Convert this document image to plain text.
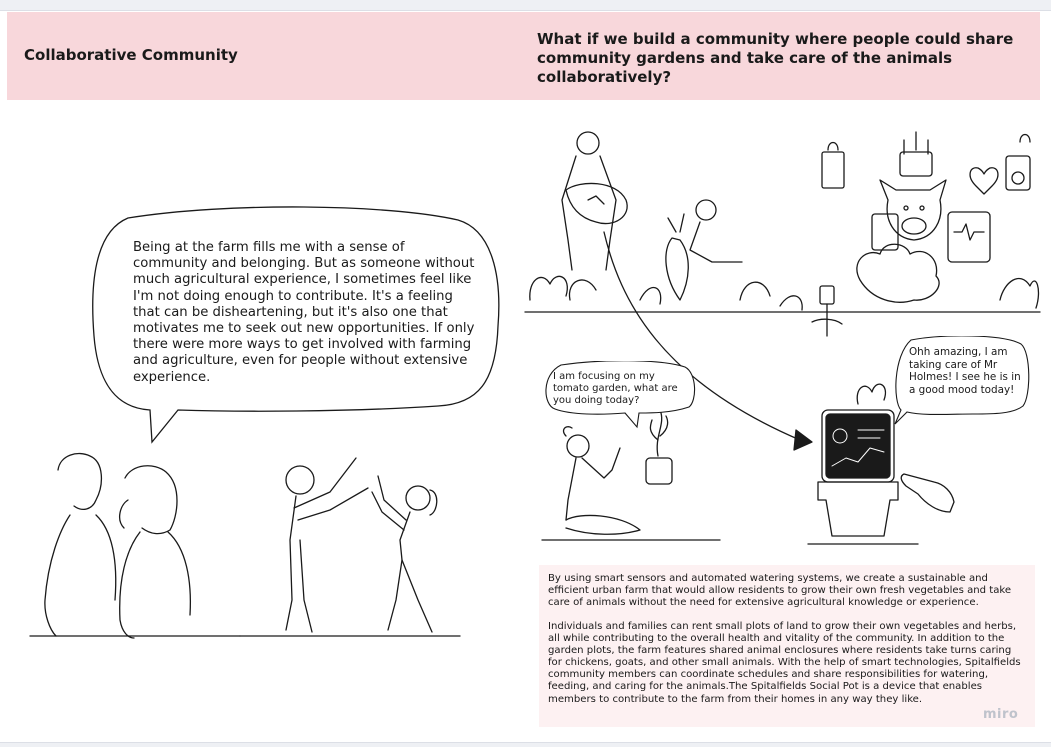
Collaborative Community
What if we build a community where people could share community gardens and take care of the animals collaboratively?
Being at the farm fills me with a sense of community and belonging. But as someone without much agricultural experience, I sometimes feel like I'm not doing enough to contribute. It's a feeling that can be disheartening, but it's also one that motivates me to seek out new opportunities. If only there were more ways to get involved with farming and agriculture, even for people without extensive experience.	I am focusing on my tomato garden, what are you doing today?
Ohh amazing, I am taking care of Mr Holmes! I see he is in a good mood today!

By using smart sensors and automated watering systems, we create a sustainable and efficient urban farm that would allow residents to grow their own fresh vegetables and take care of animals without the need for extensive agricultural knowledge or experience.

Individuals and families can rent small plots of land to grow their own vegetables and herbs, all while contributing to the overall health and vitality of the community. In addition to the garden plots, the farm features shared animal enclosures where residents take turns caring for chickens, goats, and other small animals. With the help of smart technologies, Spitalfields community members can coordinate schedules and share responsibilities for watering, feeding, and caring for the animals.The Spitalfields Social Pot is a device that enables members to contribute to the farm from their homes in any way they like.

miro
